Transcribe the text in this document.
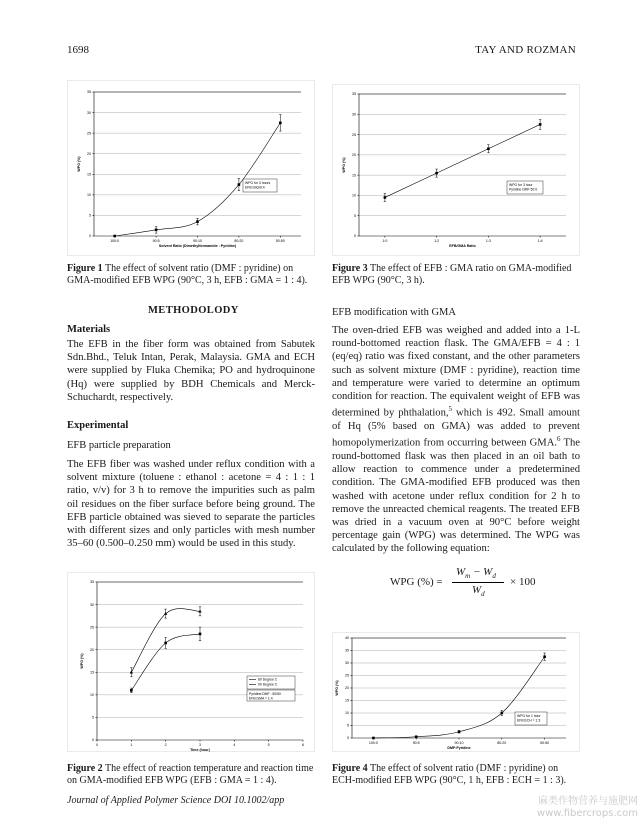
1698	TAY AND ROZMAN
0
5
10
15
20
25
30
35
100:0	90:5	90:10	80:20	50:50
Solvent Ratio (Dimethylformamide : Pyridine)
WPG (%)
WPG for 3 hours
EFB:Glicidi:4
Figure 1 The effect of solvent ratio (DMF : pyridine) on GMA-modified EFB WPG (90°C, 3 h, EFB : GMA = 1 : 4).
0
5
10
15
20
25
30
35
1:0	1:2	1:3	1:4
EFB/GMA Ratio
WPG (%)
WPG for 3 hour
Pyridine DMF 50:0
Figure 3 The effect of EFB : GMA ratio on GMA-modified EFB WPG (90°C, 3 h).
METHODOLODY
Materials
The EFB in the fiber form was obtained from Sabutek Sdn.Bhd., Teluk Intan, Perak, Malaysia. GMA and ECH were supplied by Fluka Chemika; PO and hydroquinone (Hq) were supplied by BDH Chemicals and Merck-Schuchardt, respectively.
Experimental
EFB particle preparation
The EFB fiber was washed under reflux condition with a solvent mixture (toluene : ethanol : acetone = 4 : 1 : 1 ratio, v/v) for 3 h to remove the impurities such as palm oil residues on the fiber surface before being ground. The EFB particle obtained was sieved to separate the particles with different sizes and only particles with mesh number 35–60 (0.500–0.250 mm) would be used in this study.
EFB modification with GMA
The oven-dried EFB was weighed and added into a 1-L round-bottomed reaction flask. The GMA/EFB = 4 : 1 (eq/eq) ratio was fixed constant, and the other parameters such as solvent mixture (DMF : pyridine), reaction time and temperature were varied to determine an optimum condition for reaction. The equivalent weight of EFB was determined by phthalation,$^5$ which is 492. Small amount of Hq (5% based on GMA) was added to prevent homopolymerization from occurring between GMA.$^6$ The round-bottomed flask was then placed in an oil bath to allow reaction to commence under a predetermined condition. The GMA-modified EFB produced was then washed with acetone under reflux condition for 2 h to remove the unreacted chemical reagents. The treated EFB was dried in a vacuum oven at 90°C before weight percentage gain (WPG) was determined. The WPG was calculated by the following equation:
WPG (%) =
$W_m - W_d$
$W_d$
× 100
0
5
10
15
20
25
30
35
0	1	2	3	4	5	6
Time (hour)
WPG (%)
80 Degree C
90 Degree C
Pyridine:DMF : 50/50
EFB:GMA = 1:4
Figure 2 The effect of reaction temperature and reaction time on GMA-modified EFB WPG (EFB : GMA = 1 : 4).
0
5
10
15
20
25
30
35
40
100:0	90:5	90:10	80:20	50:50
DMF:Pyridine
WPG (%)
WPG for 1 hour
EFB:ECH = 1:3
Figure 4 The effect of solvent ratio (DMF : pyridine) on ECH-modified EFB WPG (90°C, 1 h, EFB : ECH = 1 : 3).
Journal of Applied Polymer Science DOI 10.1002/app	麻类作物营养与施肥网
www.fibercrops.com
